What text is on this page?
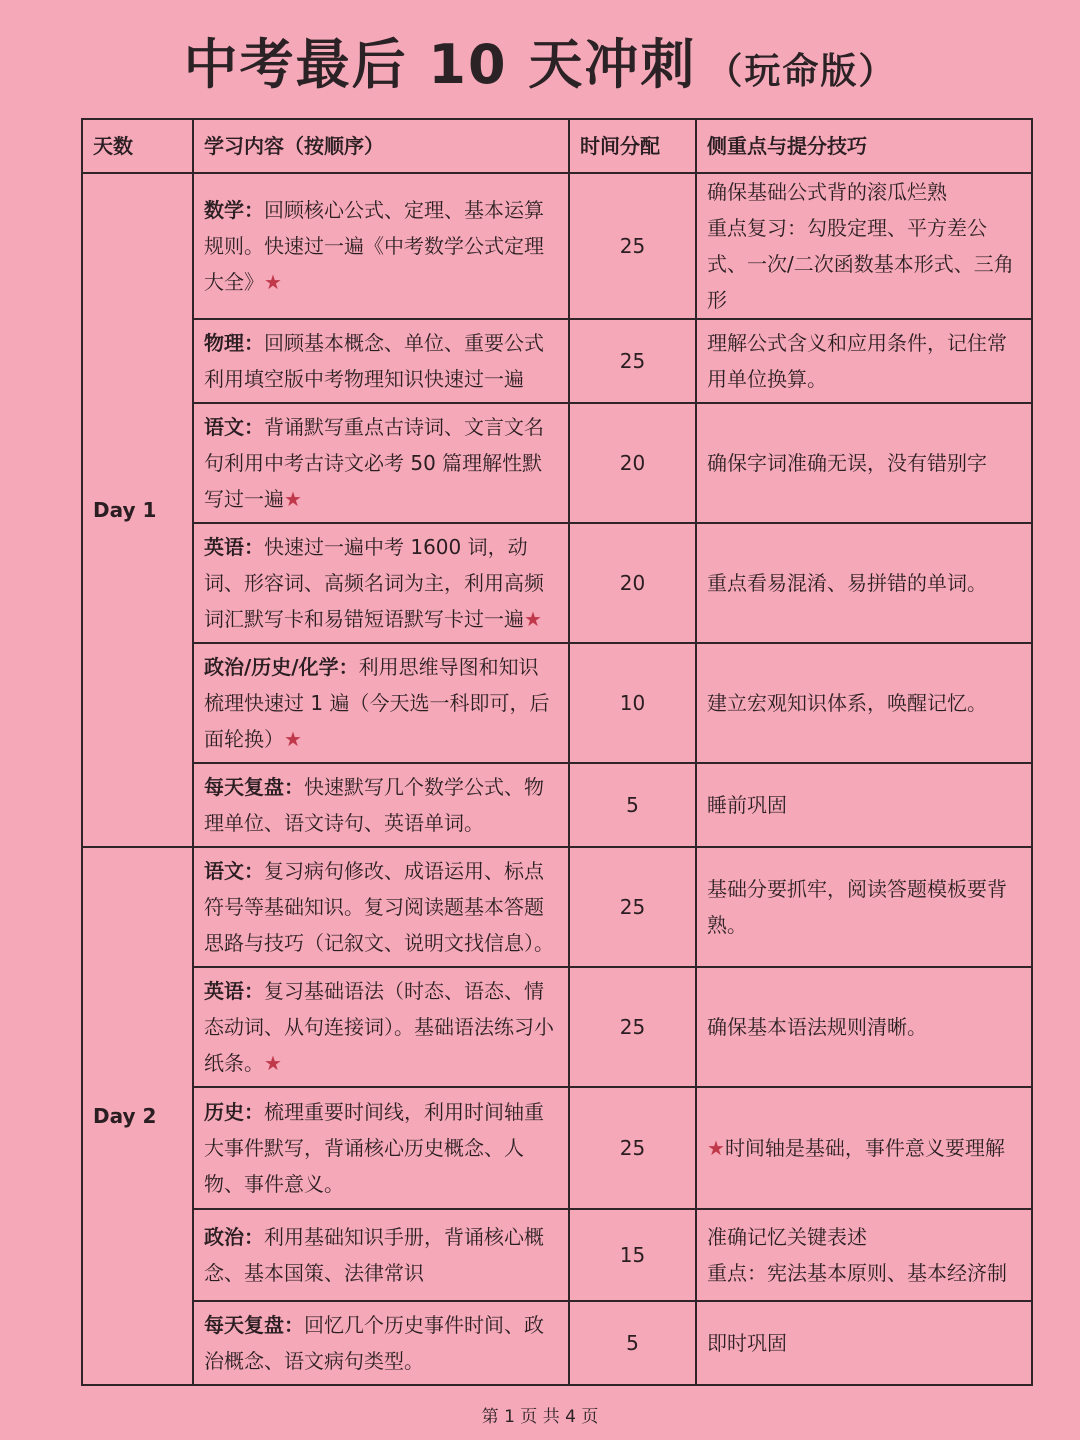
中考最后 10 天冲刺 （玩命版）
天数	学习内容（按顺序）	时间分配	侧重点与提分技巧
Day 1	数学：回顾核心公式、定理、基本运算规则。快速过一遍《中考数学公式定理大全》★	25	确保基础公式背的滚瓜烂熟
重点复习：勾股定理、平方差公式、一次/二次函数基本形式、三角形

	物理：回顾基本概念、单位、重要公式利用填空版中考物理知识快速过一遍	25	理解公式含义和应用条件，记住常用单位换算。

	语文：背诵默写重点古诗词、文言文名句利用中考古诗文必考 50 篇理解性默写过一遍★	20	确保字词准确无误，没有错别字

	英语：快速过一遍中考 1600 词，动词、形容词、高频名词为主，利用高频词汇默写卡和易错短语默写卡过一遍★	20	重点看易混淆、易拼错的单词。

	政治/历史/化学：利用思维导图和知识梳理快速过 1 遍（今天选一科即可，后面轮换）★	10	建立宏观知识体系，唤醒记忆。

	每天复盘：快速默写几个数学公式、物理单位、语文诗句、英语单词。	5	睡前巩固

Day 2	语文：复习病句修改、成语运用、标点符号等基础知识。复习阅读题基本答题思路与技巧（记叙文、说明文找信息）。	25	基础分要抓牢，阅读答题模板要背熟。

	英语：复习基础语法（时态、语态、情态动词、从句连接词）。基础语法练习小纸条。★	25	确保基本语法规则清晰。

	历史：梳理重要时间线，利用时间轴重大事件默写，背诵核心历史概念、人物、事件意义。	25	★时间轴是基础，事件意义要理解
	政治：利用基础知识手册，背诵核心概念、基本国策、法律常识	15	准确记忆关键表述
重点：宪法基本原则、基本经济制

	每天复盘：回忆几个历史事件时间、政治概念、语文病句类型。	5	即时巩固
第 1 页 共 4 页
